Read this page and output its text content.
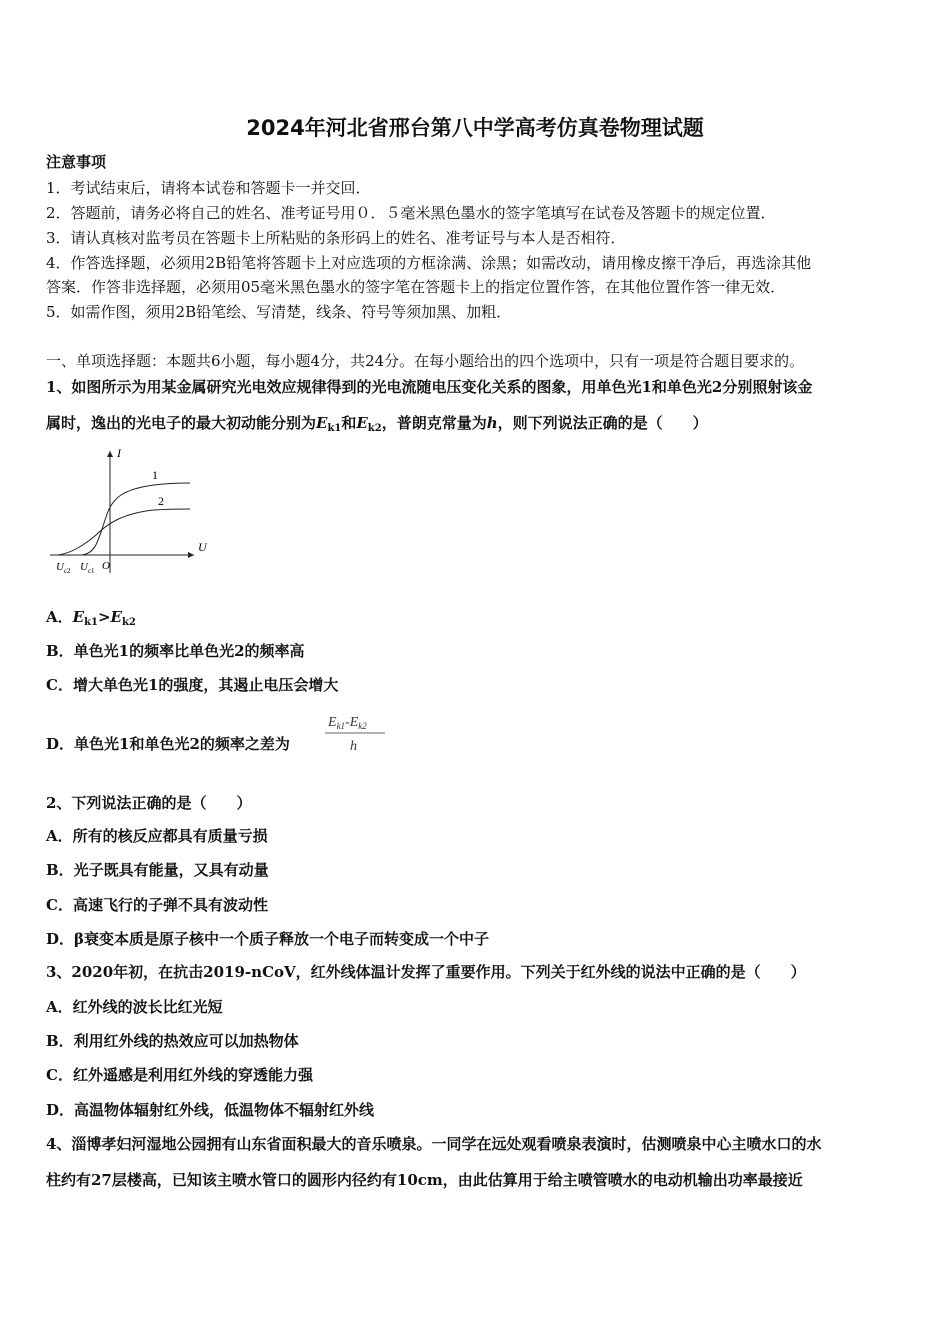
2024年河北省邢台第八中学高考仿真卷物理试题
注意事项
1．考试结束后，请将本试卷和答题卡一并交回．
2．答题前，请务必将自己的姓名、准考证号用０．５毫米黑色墨水的签字笔填写在试卷及答题卡的规定位置．
3．请认真核对监考员在答题卡上所粘贴的条形码上的姓名、准考证号与本人是否相符．
4．作答选择题，必须用2B铅笔将答题卡上对应选项的方框涂满、涂黑；如需改动，请用橡皮擦干净后，再选涂其他
答案．作答非选择题，必须用05毫米黑色墨水的签字笔在答题卡上的指定位置作答，在其他位置作答一律无效．
5．如需作图，须用2B铅笔绘、写清楚，线条、符号等须加黑、加粗．
一、单项选择题：本题共6小题，每小题4分，共24分。在每小题给出的四个选项中，只有一项是符合题目要求的。
1、如图所示为用某金属研究光电效应规律得到的光电流随电压变化关系的图象，用单色光1和单色光2分别照射该金
属时，逸出的光电子的最大初动能分别为$E_{k1}$和$E_{k2}$，普朗克常量为h，则下列说法正确的是（　　）
I
U
O
1
2
$U_{c2}$ $U_{c1}$
A．$E_{k1}>E_{k2}$
B．单色光1的频率比单色光2的频率高
C．增大单色光1的强度，其遏止电压会增大
D．单色光1和单色光2的频率之差为
$E_{k1}-E_{k2}$
h
2、下列说法正确的是（　　）
A．所有的核反应都具有质量亏损
B．光子既具有能量，又具有动量
C．高速飞行的子弹不具有波动性
D．β衰变本质是原子核中一个质子释放一个电子而转变成一个中子
3、2020年初，在抗击2019-nCoV，红外线体温计发挥了重要作用。下列关于红外线的说法中正确的是（　　）
A．红外线的波长比红光短
B．利用红外线的热效应可以加热物体
C．红外遥感是利用红外线的穿透能力强
D．高温物体辐射红外线，低温物体不辐射红外线
4、淄博孝妇河湿地公园拥有山东省面积最大的音乐喷泉。一同学在远处观看喷泉表演时，估测喷泉中心主喷水口的水
柱约有27层楼高，已知该主喷水管口的圆形内径约有10cm，由此估算用于给主喷管喷水的电动机输出功率最接近
